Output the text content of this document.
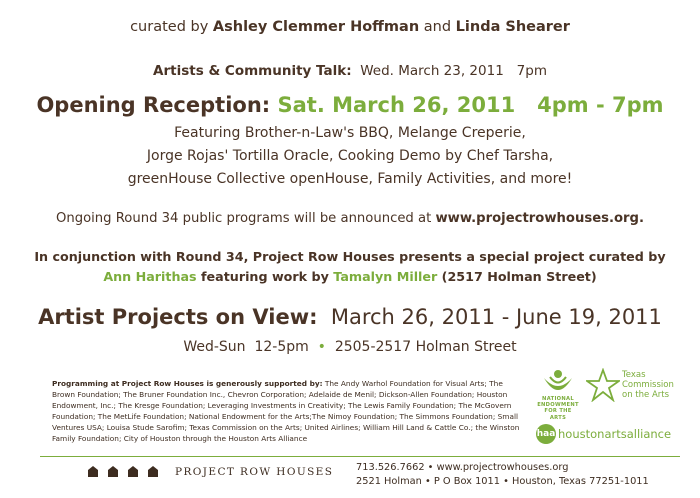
curated by Ashley Clemmer Hoffman and Linda Shearer
Artists & Community Talk:  Wed. March 23, 2011   7pm
Opening Reception: Sat. March 26, 2011   4pm - 7pm
Featuring Brother-n-Law's BBQ, Melange Creperie,
Jorge Rojas' Tortilla Oracle, Cooking Demo by Chef Tarsha,
greenHouse Collective openHouse, Family Activities, and more!
Ongoing Round 34 public programs will be announced at www.projectrowhouses.org.
In conjunction with Round 34, Project Row Houses presents a special project curated by
Ann Harithas featuring work by Tamalyn Miller (2517 Holman Street)
Artist Projects on View:  March 26, 2011 - June 19, 2011
Wed-Sun  12-5pm  •  2505-2517 Holman Street
Programming at Project Row Houses is generously supported by: The Andy Warhol Foundation for Visual Arts; The Brown Foundation; The Bruner Foundation Inc., Chevron Corporation; Adelaide de Menil; Dickson-Allen Foundation; Houston Endowment, Inc.; The Kresge Foundation; Leveraging Investments in Creativity; The Lewis Family Foundation; The McGovern Foundation; The MetLife Foundation; National Endowment for the Arts;The Nimoy Foundation; The Simmons Foundation; Small Ventures USA; Louisa Stude Sarofim; Texas Commission on the Arts; United Airlines; William Hill Land & Cattle Co.; the Winston Family Foundation; City of Houston through the Houston Arts Alliance
NATIONAL ENDOWMENT FOR THE ARTS
Texas
Commission
on the Arts
haa houstonartsalliance
PROJECT ROW HOUSES 713.526.7662 • www.projectrowhouses.org
2521 Holman • P O Box 1011 • Houston, Texas 77251-1011
